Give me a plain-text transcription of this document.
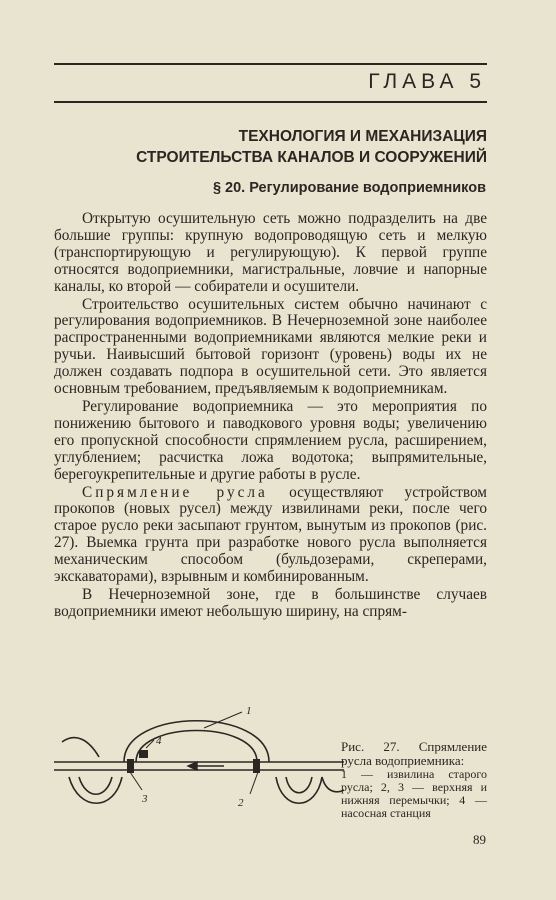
ГЛАВА 5
ТЕХНОЛОГИЯ И МЕХАНИЗАЦИЯ
СТРОИТЕЛЬСТВА КАНАЛОВ И СООРУЖЕНИЙ
§ 20. Регулирование водоприемников

Открытую осушительную сеть можно подразделить на две большие группы: крупную водопроводящую сеть и мелкую (транспортирующую и регулирующую). К первой группе относятся водоприемники, магистральные, ловчие и напорные каналы, ко второй — собиратели и осушители.

Строительство осушительных систем обычно начинают с регулирования водоприемников. В Нечерноземной зоне наиболее распространенными водоприемниками являются мелкие реки и ручьи. Наивысший бытовой горизонт (уровень) воды их не должен создавать подпора в осушительной сети. Это является основным требованием, предъявляемым к водоприемникам.

Регулирование водоприемника — это мероприятия по понижению бытового и паводкового уровня воды; увеличению его пропускной способности спрямлением русла, расширением, углублением; расчистка ложа водотока; выпрямительные, берегоукрепительные и другие работы в русле.

Спрямление русла осуществляют устройством прокопов (новых русел) между извилинами реки, после чего старое русло реки засыпают грунтом, вынутым из прокопов (рис. 27). Выемка грунта при разработке нового русла выполняется механическим способом (бульдозерами, скреперами, экскаваторами), взрывным и комбинированным.

В Нечерноземной зоне, где в большинстве случаев водоприемники имеют небольшую ширину, на спрям-

1
2
3
4	Рис. 27. Спрямление русла водоприемника:
1 — извилина старого русла; 2, 3 — верхняя и нижняя перемычки; 4 — насосная станция
89
